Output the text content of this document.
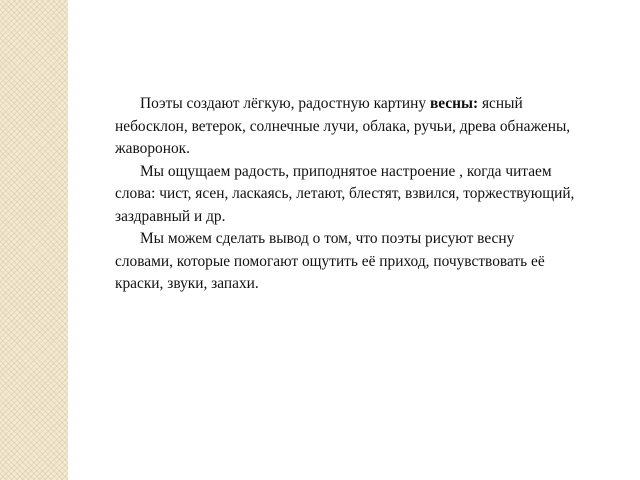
Поэты создают лёгкую, радостную картину весны: ясный небосклон, ветерок, солнечные лучи, облака, ручьи, древа обнажены, жаворонок.

Мы ощущаем радость, приподнятое настроение , когда читаем слова: чист, ясен, ласкаясь, летают, блестят, взвился, торжествующий, заздравный и др.

Мы можем сделать вывод о том, что поэты рисуют весну словами, которые помогают ощутить её приход, почувствовать её краски, звуки, запахи.
